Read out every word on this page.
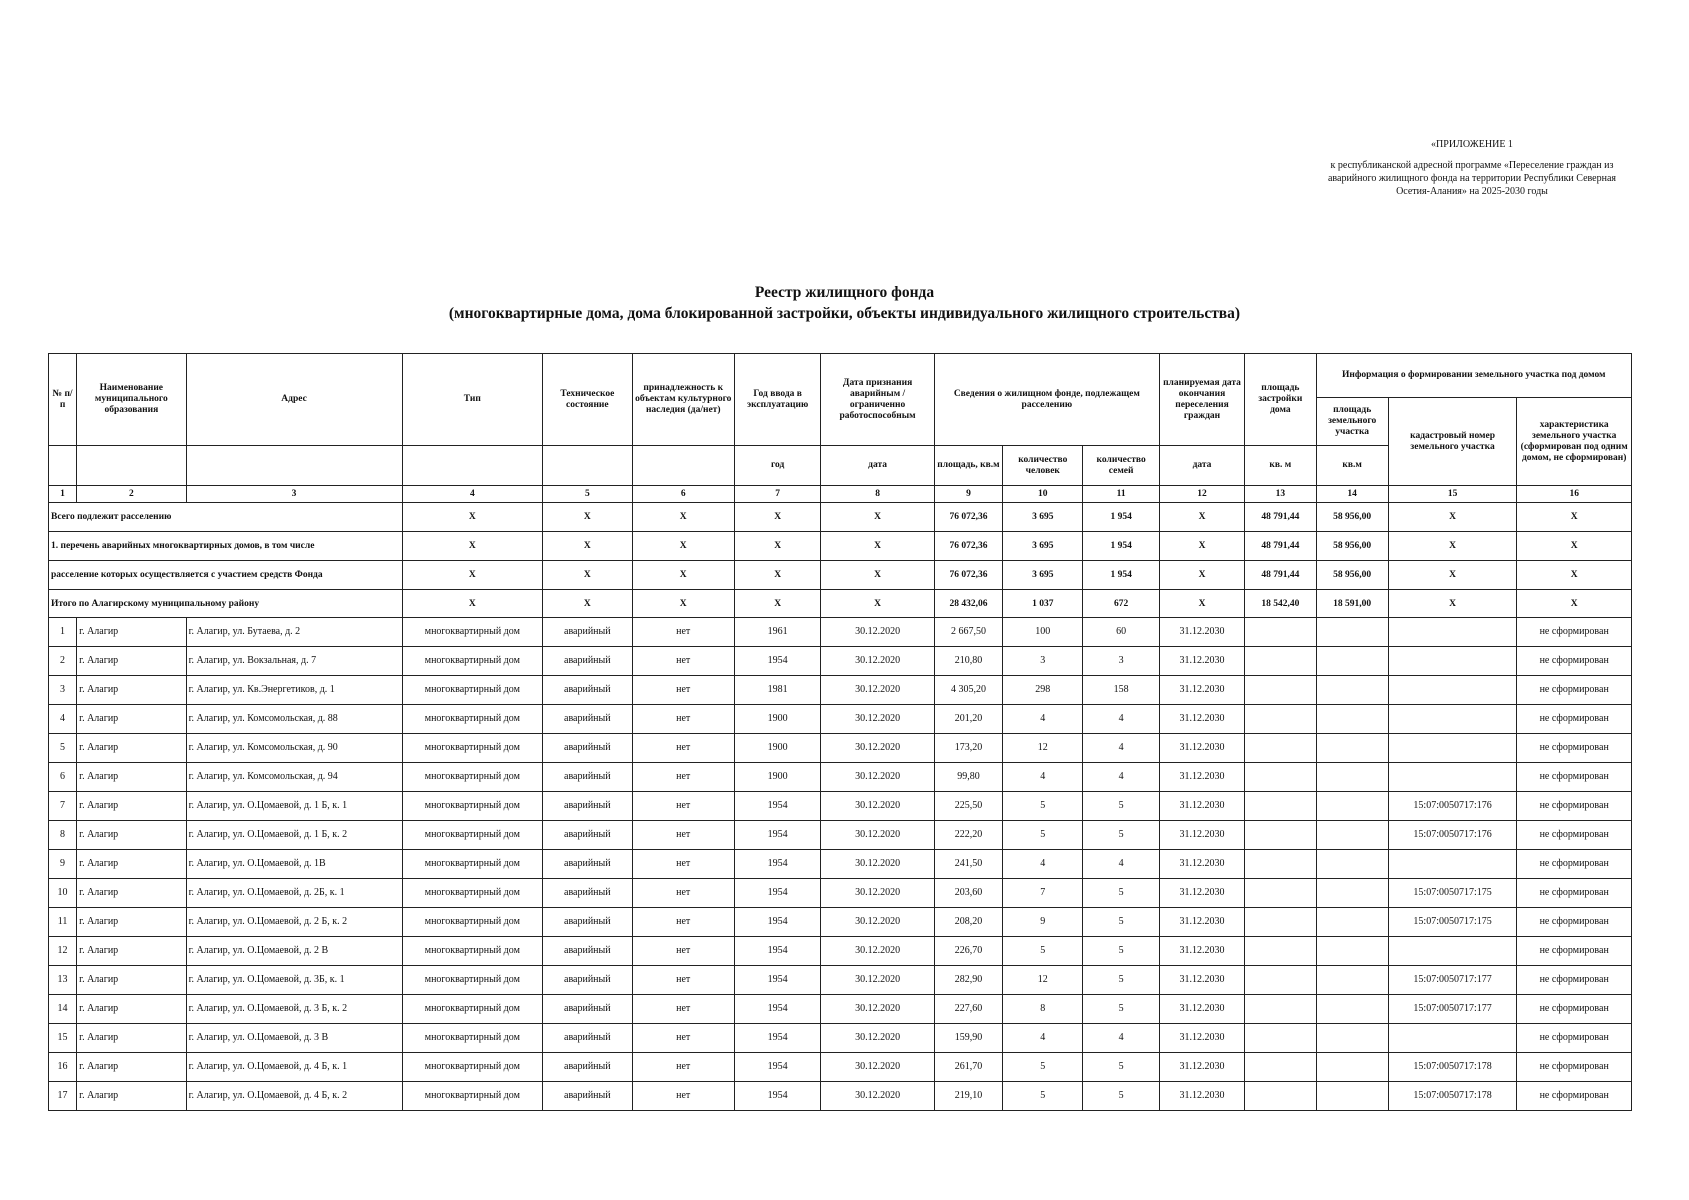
«ПРИЛОЖЕНИЕ 1
к республиканской адресной программе «Переселение граждан из аварийного жилищного фонда на территории Республики Северная Осетия-Алания» на 2025-2030 годы
Реестр жилищного фонда
(многоквартирные дома, дома блокированной застройки, объекты индивидуального жилищного строительства)
№ п/п	Наименование муниципального образования	Адрес	Тип	Техническое состояние	принадлежность к объектам культурного наследия (да/нет)	Год ввода в эксплуатацию	Дата признания аварийным / ограниченно работоспособным	Сведения о жилищном фонде, подлежащем расселению			планируемая дата окончания переселения граждан	площадь застройки дома	Информация о формировании земельного участка под домом		
													площадь земельного участка	кадастровый номер земельного участка	характеристика земельного участка (сформирован под одним домом, не сформирован)
						год	дата	площадь, кв.м	количество человек	количество семей	дата	кв. м	кв.м		
1	2	3	4	5	6	7	8	9	10	11	12	13	14	15	16
Всего подлежит расселению			Х	Х	Х	Х	Х	76 072,36	3 695	1 954	Х	48 791,44	58 956,00	Х	Х
1. перечень аварийных многоквартирных домов, в том числе			Х	Х	Х	Х	Х	76 072,36	3 695	1 954	Х	48 791,44	58 956,00	Х	Х
расселение которых осуществляется с участием средств Фонда			Х	Х	Х	Х	Х	76 072,36	3 695	1 954	Х	48 791,44	58 956,00	Х	Х
Итого по Алагирскому муниципальному району			Х	Х	Х	Х	Х	28 432,06	1 037	672	Х	18 542,40	18 591,00	Х	Х
1	г. Алагир	г. Алагир, ул. Бутаева, д. 2	многоквартирный дом	аварийный	нет	1961	30.12.2020	2 667,50	100	60	31.12.2030				не сформирован
2	г. Алагир	г. Алагир, ул. Вокзальная, д. 7	многоквартирный дом	аварийный	нет	1954	30.12.2020	210,80	3	3	31.12.2030				не сформирован
3	г. Алагир	г. Алагир, ул. Кв.Энергетиков, д. 1	многоквартирный дом	аварийный	нет	1981	30.12.2020	4 305,20	298	158	31.12.2030				не сформирован
4	г. Алагир	г. Алагир, ул. Комсомольская, д. 88	многоквартирный дом	аварийный	нет	1900	30.12.2020	201,20	4	4	31.12.2030				не сформирован
5	г. Алагир	г. Алагир, ул. Комсомольская, д. 90	многоквартирный дом	аварийный	нет	1900	30.12.2020	173,20	12	4	31.12.2030				не сформирован
6	г. Алагир	г. Алагир, ул. Комсомольская, д. 94	многоквартирный дом	аварийный	нет	1900	30.12.2020	99,80	4	4	31.12.2030				не сформирован
7	г. Алагир	г. Алагир, ул. О.Цомаевой, д. 1 Б, к. 1	многоквартирный дом	аварийный	нет	1954	30.12.2020	225,50	5	5	31.12.2030			15:07:0050717:176	не сформирован
8	г. Алагир	г. Алагир, ул. О.Цомаевой, д. 1 Б, к. 2	многоквартирный дом	аварийный	нет	1954	30.12.2020	222,20	5	5	31.12.2030			15:07:0050717:176	не сформирован
9	г. Алагир	г. Алагир, ул. О.Цомаевой, д. 1В	многоквартирный дом	аварийный	нет	1954	30.12.2020	241,50	4	4	31.12.2030				не сформирован
10	г. Алагир	г. Алагир, ул. О.Цомаевой, д. 2Б, к. 1	многоквартирный дом	аварийный	нет	1954	30.12.2020	203,60	7	5	31.12.2030			15:07:0050717:175	не сформирован
11	г. Алагир	г. Алагир, ул. О.Цомаевой, д. 2 Б, к. 2	многоквартирный дом	аварийный	нет	1954	30.12.2020	208,20	9	5	31.12.2030			15:07:0050717:175	не сформирован
12	г. Алагир	г. Алагир, ул. О.Цомаевой, д. 2 В	многоквартирный дом	аварийный	нет	1954	30.12.2020	226,70	5	5	31.12.2030				не сформирован
13	г. Алагир	г. Алагир, ул. О.Цомаевой, д. 3Б, к. 1	многоквартирный дом	аварийный	нет	1954	30.12.2020	282,90	12	5	31.12.2030			15:07:0050717:177	не сформирован
14	г. Алагир	г. Алагир, ул. О.Цомаевой, д. 3 Б, к. 2	многоквартирный дом	аварийный	нет	1954	30.12.2020	227,60	8	5	31.12.2030			15:07:0050717:177	не сформирован
15	г. Алагир	г. Алагир, ул. О.Цомаевой, д. 3 В	многоквартирный дом	аварийный	нет	1954	30.12.2020	159,90	4	4	31.12.2030				не сформирован
16	г. Алагир	г. Алагир, ул. О.Цомаевой, д. 4 Б, к. 1	многоквартирный дом	аварийный	нет	1954	30.12.2020	261,70	5	5	31.12.2030			15:07:0050717:178	не сформирован
17	г. Алагир	г. Алагир, ул. О.Цомаевой, д. 4 Б, к. 2	многоквартирный дом	аварийный	нет	1954	30.12.2020	219,10	5	5	31.12.2030			15:07:0050717:178	не сформирован
